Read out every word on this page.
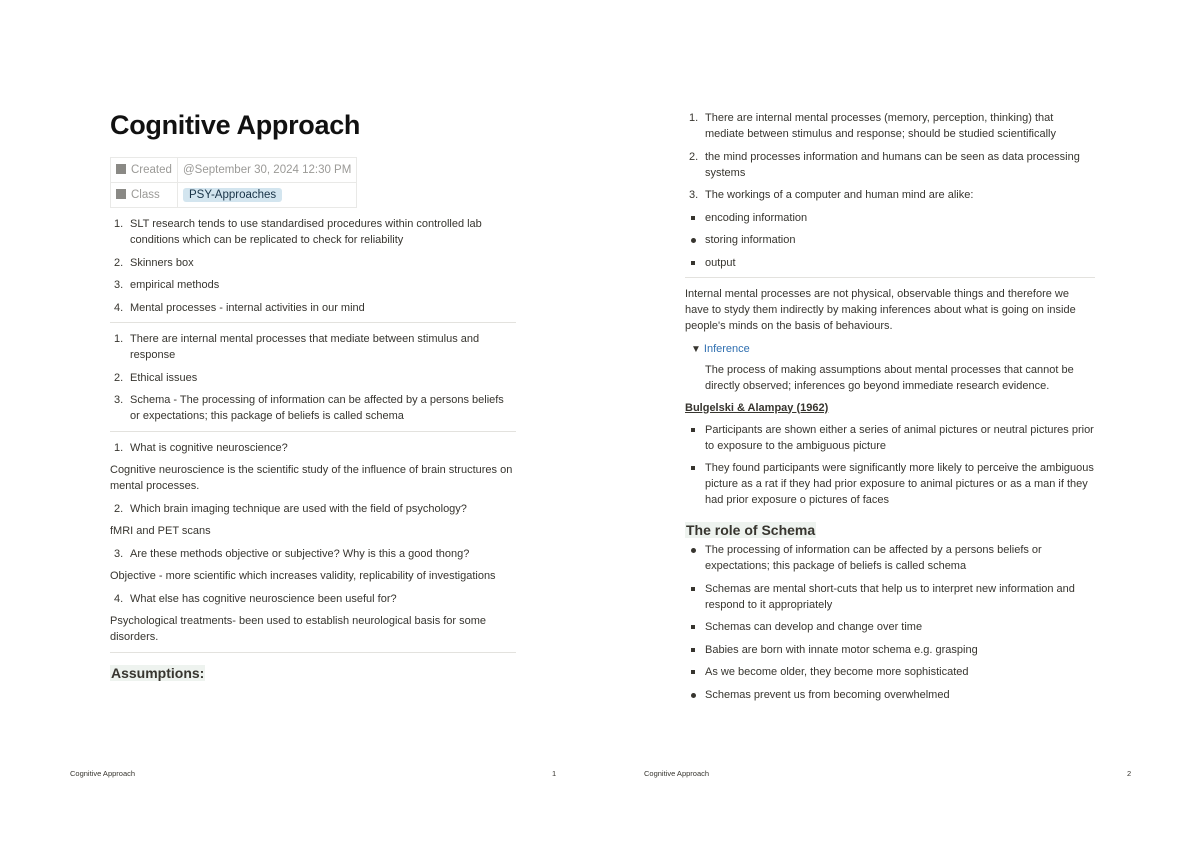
Cognitive Approach
Created	@September 30, 2024 12:30 PM
Class	PSY-Approaches
1. SLT research tends to use standardised procedures within controlled lab conditions which can be replicated to check for reliability
2. Skinners box
3. empirical methods
4. Mental processes - internal activities in our mind
1. There are internal mental processes that mediate between stimulus and response
2. Ethical issues
3. Schema - The processing of information can be affected by a persons beliefs or expectations; this package of beliefs is called schema
1. What is cognitive neuroscience?

Cognitive neuroscience is the scientific study of the influence of brain structures on mental processes.

2. Which brain imaging technique are used with the field of psychology?

fMRI and PET scans

3. Are these methods objective or subjective? Why is this a good thong?

Objective - more scientific which increases validity, replicability of investigations

4. What else has cognitive neuroscience been useful for?

Psychological treatments- been used to establish neurological basis for some disorders.

Assumptions:
Cognitive Approach	1
1. There are internal mental processes (memory, perception, thinking) that mediate between stimulus and response; should be studied scientifically
2. the mind processes information and humans can be seen as data processing systems
3. The workings of a computer and human mind are alike:
encoding information
storing information
output

Internal mental processes are not physical, observable things and therefore we have to stydy them indirectly by making inferences about what is going on inside people's minds on the basis of behaviours.

▼ Inference
The process of making assumptions about mental processes that cannot be directly observed; inferences go beyond immediate research evidence.
Bulgelski & Alampay (1962)
Participants are shown either a series of animal pictures or neutral pictures prior to exposure to the ambiguous picture
They found participants were significantly more likely to perceive the ambiguous picture as a rat if they had prior exposure to animal pictures or as a man if they had prior exposure o pictures of faces
The role of Schema
The processing of information can be affected by a persons beliefs or expectations; this package of beliefs is called schema
Schemas are mental short-cuts that help us to interpret new information and respond to it appropriately
Schemas can develop and change over time
Babies are born with innate motor schema e.g. grasping
As we become older, they become more sophisticated
Schemas prevent us from becoming overwhelmed
Cognitive Approach	2
